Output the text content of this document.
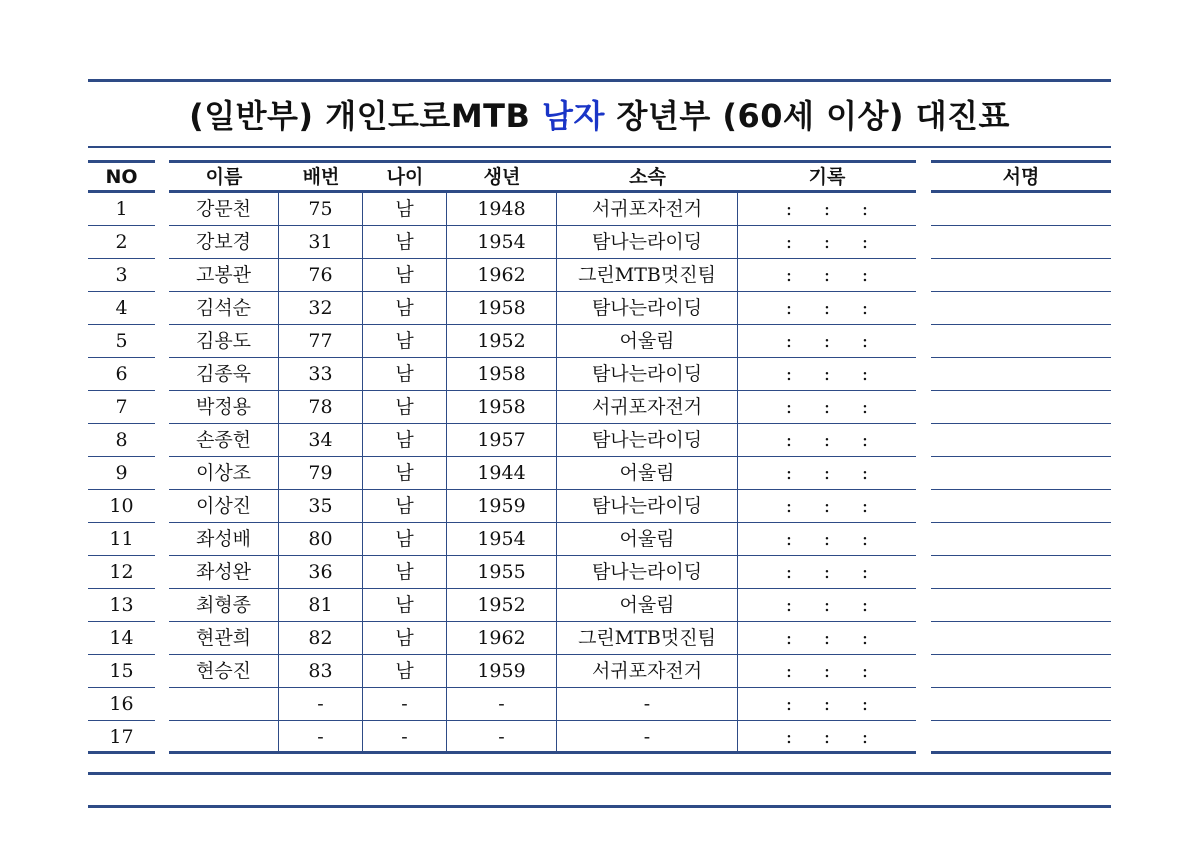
(일반부) 개인도로MTB 남자 장년부 (60세 이상) 대진표
NO
1
2
3
4
5
6
7
8
9
10
11
12
13
14
15
16
17
이름
강문천
강보경
고봉관
김석순
김용도
김종욱
박정용
손종헌
이상조
이상진
좌성배
좌성완
최형종
현관희
현승진
배번
75
31
76
32
77
33
78
34
79
35
80
36
81
82
83
-
-
나이
남
남
남
남
남
남
남
남
남
남
남
남
남
남
남
-
-
생년
1948
1954
1962
1958
1952
1958
1958
1957
1944
1959
1954
1955
1952
1962
1959
-
-
소속
서귀포자전거
탐나는라이딩
그린MTB멋진팀
탐나는라이딩
어울림
탐나는라이딩
서귀포자전거
탐나는라이딩
어울림
탐나는라이딩
어울림
탐나는라이딩
어울림
그린MTB멋진팀
서귀포자전거
-
-
기록
: : :
: : :
: : :
: : :
: : :
: : :
: : :
: : :
: : :
: : :
: : :
: : :
: : :
: : :
: : :
: : :
: : :
서명
